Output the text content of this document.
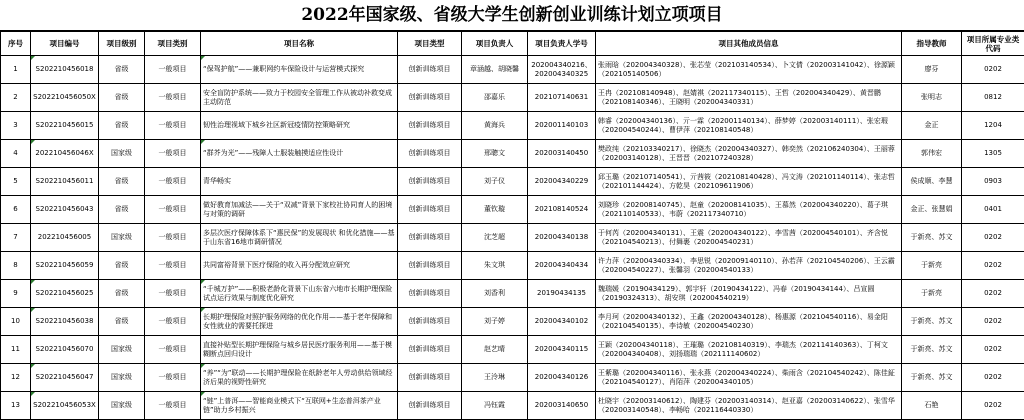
2022年国家级、省级大学生创新创业训练计划立项项目
序号	项目编号	项目级别	项目类别	项目名称	项目类型	项目负责人	项目负责人学号	项目其他成员信息	指导教师	项目所属专业类代码
1	S202210456018	省级	一般项目	“保驾护航”——兼职网约车保险设计与运营模式探究	创新训练项目	章涵越、胡晓馨	202004340216、202004340325	张雨晗（202004340328）、张芯莹（202103140534）、卜文倩（202003141042）、徐源颖（202105140506）	廖芬	0202
2	S202210456050X	省级	一般项目	安全盲防护系统——致力于校园安全管理工作从被动补救变成主动防范	创新训练项目	邵嘉乐	202107140631	王冉（202108140948）、赵婧祺（202117340115）、王哲（202004340429）、黄晋鹏（202108140346）、王晓明（202004340331）	张明志	0812
3	S202210456015	省级	一般项目	韧性治理视域下城乡社区新冠疫情防控策略研究	创新训练项目	黄海兵	202001140103	韩睿（202004340136）、亓一霖（202001140134）、薛梦婷（202003140111）、张宏瑕（202004540244）、曹伊萍（202108140548）	金正	1204
4	202210456046X	国家级	一般项目	“群芥为光”——残障人士服装触摸适应性设计	创新训练项目	邢聰文	202003140450	樊政纯（202103340217）、徐晓杰（202004340327）、韩奕然（202106240304）、王丽蓉（202003140128）、王晋晋（202107240328）	郭伟宏	1305
5	S202210456011	省级	一般项目	青华畅实	创新训练项目	刘子仪	202004340229	邱玉璐（202107140541）、亓茜筱（202108140428）、冯文涛（202101140114）、张志哲（202101144424）、方乾昊（202109611906）	侯成顺、李慧	0903
6	S202210456043	省级	一般项目	做好教育加减法——关于“双减”背景下家校社协同育人的困境与对策的调研	创新训练项目	董钦璇	202108140524	刘晓珍（202008140745）、赵童（202008141035）、王慕然（202004340220）、葛子琪（202110140533）、韦蔚（202117340710）	金正、张慧娟	0401
7	202210456005	国家级	一般项目	多层次医疗保障体系下“惠民保”的发展现状 和优化措施——基于山东省16地市调研情况	创新训练项目	沈芝超	202004340138	于何芮（202004340131）、王震（202004340122）、李雪茜（202004540101）、齐含悦（202104540213）、付舞裹（202004540231）	于新亮、苏文	0202
8	S202210456059	省级	一般项目	共同富裕背景下医疗保险的收入再分配效应研究	创新训练项目	朱文琪	202004340434	许力萍（202004340334）、李思锐（202009140110）、孙若萍（202104540206）、王云霸（202004540227）、张馨羽（202004540133）	于新亮	0202
9	S202210456025	省级	一般项目	“千城万护”——积极老龄化背景下山东省六地市长期护理保险试点运行效果与制度优化研究	创新训练项目	刘香利	20190434135	魏瑞媛（20190434129）、郭宇轩（20190434122）、冯春（20190434144）、吕宣圆（20190324313）、胡安琪（202004540219）	于新亮	0202
10	S202210456038	省级	一般项目	长期护理保险对照护服务网络的优化作用——基于老年保障和女性就业的需要托探进	创新训练项目	刘子婷	202004340102	李月珂（202004340132）、王鑫（202004340128）、杨惠源（202104540116）、易金阳（202104540135）、李诗敏（202004540230）	于新亮、苏文	0202
11	S202210456070	国家级	一般项目	直接补贴型长期护理保险与城乡居民医疗服务利用——基于模糊断点回归设计	创新训练项目	赵艺晴	202004340115	王颖（202004340118）、王璀璐（202108140319）、李瑞杰（202114140363）、丁柯文（202004340408）、刘扬瑞瑞（202111140602）	于新亮、苏文	0202
12	S202210456047	国家级	一般项目	“养”“为”联动——长期护理保险在纸龄老年人劳动供给领域经济后果的视野性研究	创新训练项目	王泠琳	202004340126	王紫璐（202004340116）、张永燕（202004340224）、柴雨含（202104540242）、陈佳鉦（202104540127）、肖陌萍（202004340105）	于新亮、苏文	0202
13	S202210456053X	国家级	一般项目	“链”上普洱——智能商业模式下“互联网+生态普洱茶产业链”助力乡村振兴	创新训练项目	冯钰霞	202003140650	杜晓宇（202003140612）、陶建芬（202003140314）、赵亚嘉（202003140622）、张雪华（202003140548）、李畅哈（202116440330）	石艳	0202
